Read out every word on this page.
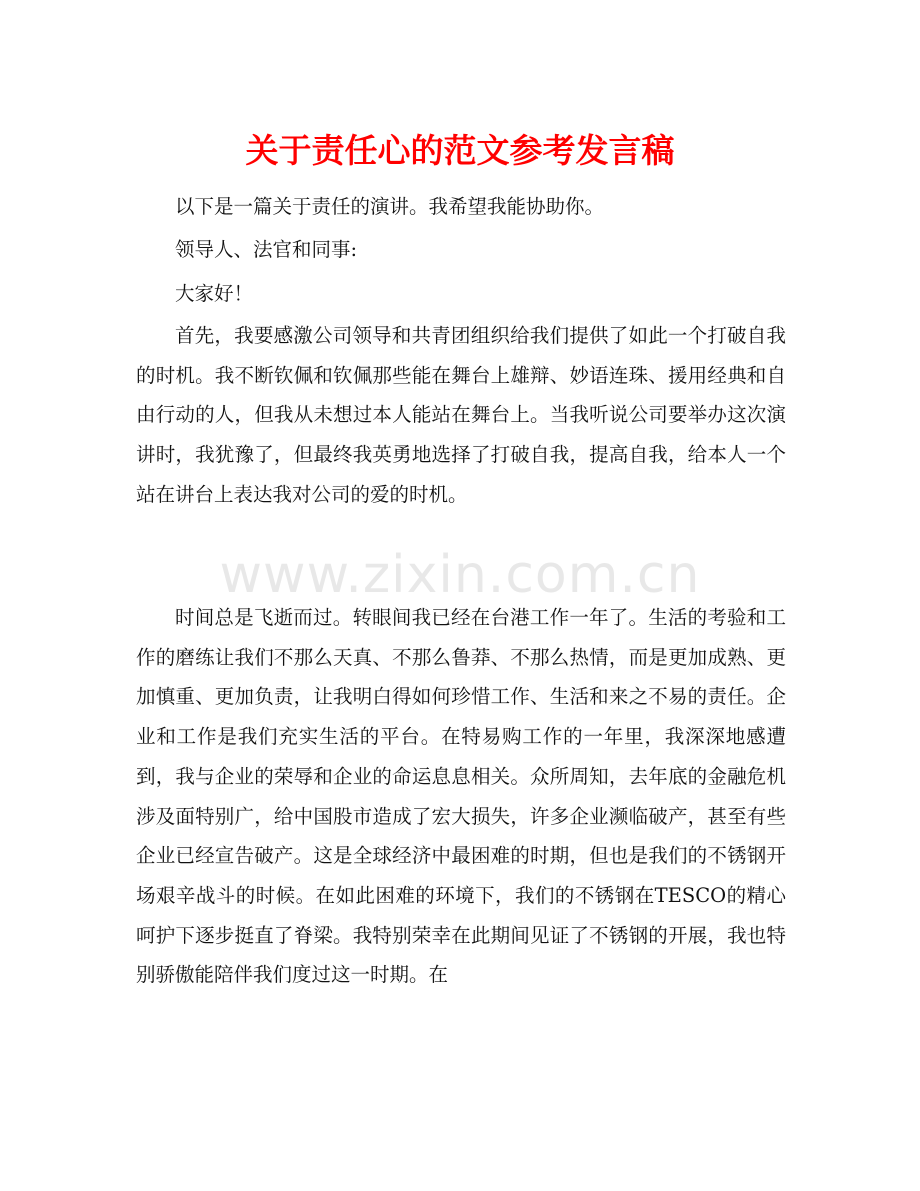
关于责任心的范文参考发言稿

以下是一篇关于责任的演讲。我希望我能协助你。

领导人、法官和同事:

大家好！

首先，我要感激公司领导和共青团组织给我们提供了如此一个打破自我的时机。我不断钦佩和钦佩那些能在舞台上雄辩、妙语连珠、援用经典和自由行动的人，但我从未想过本人能站在舞台上。当我听说公司要举办这次演讲时，我犹豫了，但最终我英勇地选择了打破自我，提高自我，给本人一个站在讲台上表达我对公司的爱的时机。

www.zixin.com.cn

时间总是飞逝而过。转眼间我已经在台港工作一年了。生活的考验和工作的磨练让我们不那么天真、不那么鲁莽、不那么热情，而是更加成熟、更加慎重、更加负责，让我明白得如何珍惜工作、生活和来之不易的责任。企业和工作是我们充实生活的平台。在特易购工作的一年里，我深深地感遭到，我与企业的荣辱和企业的命运息息相关。众所周知，去年底的金融危机涉及面特别广，给中国股市造成了宏大损失，许多企业濒临破产，甚至有些企业已经宣告破产。这是全球经济中最困难的时期，但也是我们的不锈钢开场艰辛战斗的时候。在如此困难的环境下，我们的不锈钢在TESCO的精心呵护下逐步挺直了脊梁。我特别荣幸在此期间见证了不锈钢的开展，我也特别骄傲能陪伴我们度过这一时期。在
